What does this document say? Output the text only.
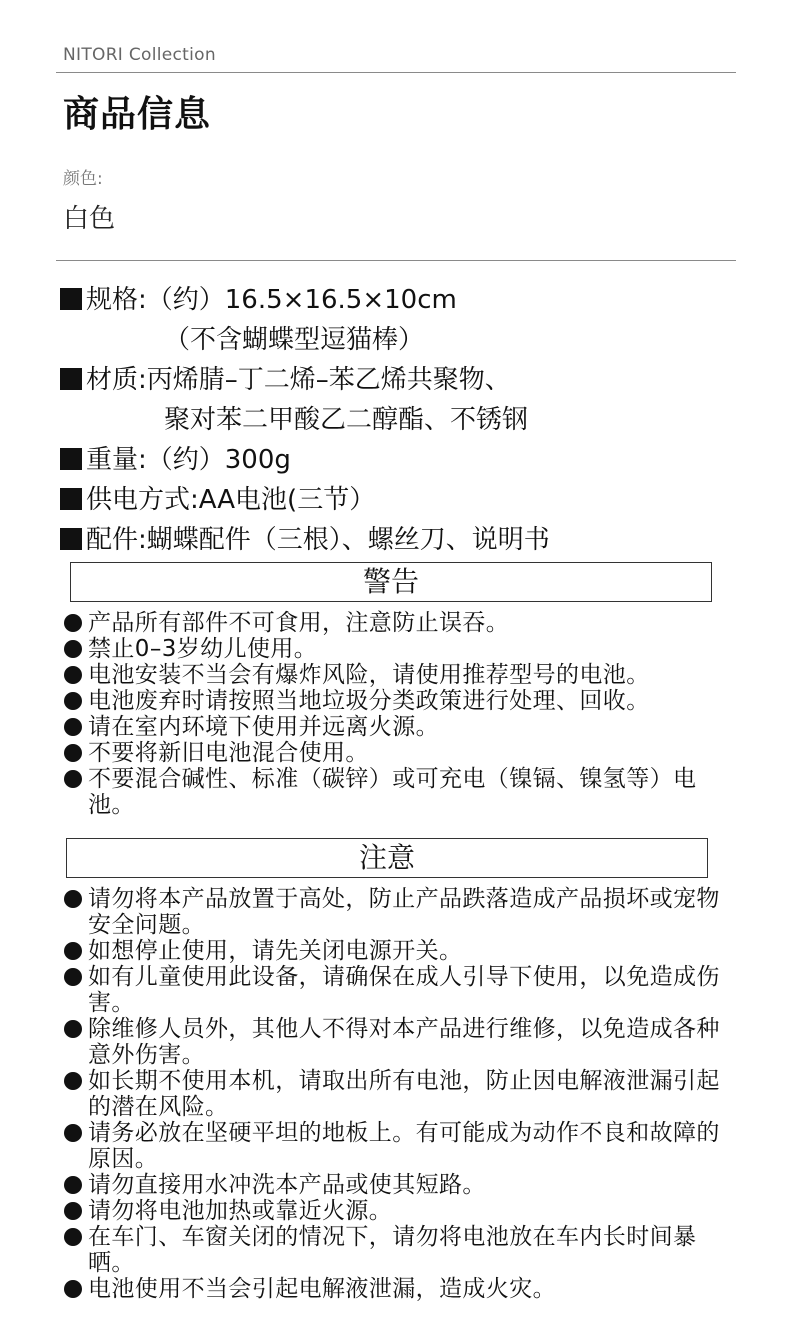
NITORI Collection
商品信息
颜色:
白色
规格:（约）16.5×16.5×10cm
（不含蝴蝶型逗猫棒）
材质:丙烯腈–丁二烯–苯乙烯共聚物、
聚对苯二甲酸乙二醇酯、不锈钢
重量:（约）300g
供电方式:AA电池(三节）
配件:蝴蝶配件（三根）、螺丝刀、说明书
警告
产品所有部件不可食用，注意防止误吞。
禁止0–3岁幼儿使用。
电池安装不当会有爆炸风险，请使用推荐型号的电池。
电池废弃时请按照当地垃圾分类政策进行处理、回收。
请在室内环境下使用并远离火源。
不要将新旧电池混合使用。
不要混合碱性、标准（碳锌）或可充电（镍镉、镍氢等）电池。
注意
请勿将本产品放置于高处，防止产品跌落造成产品损坏或宠物安全问题。
如想停止使用，请先关闭电源开关。
如有儿童使用此设备，请确保在成人引导下使用，以免造成伤害。
除维修人员外，其他人不得对本产品进行维修，以免造成各种意外伤害。
如长期不使用本机，请取出所有电池，防止因电解液泄漏引起的潜在风险。
请务必放在坚硬平坦的地板上。有可能成为动作不良和故障的原因。
请勿直接用水冲洗本产品或使其短路。
请勿将电池加热或靠近火源。
在车门、车窗关闭的情况下，请勿将电池放在车内长时间暴晒。
电池使用不当会引起电解液泄漏，造成火灾。
